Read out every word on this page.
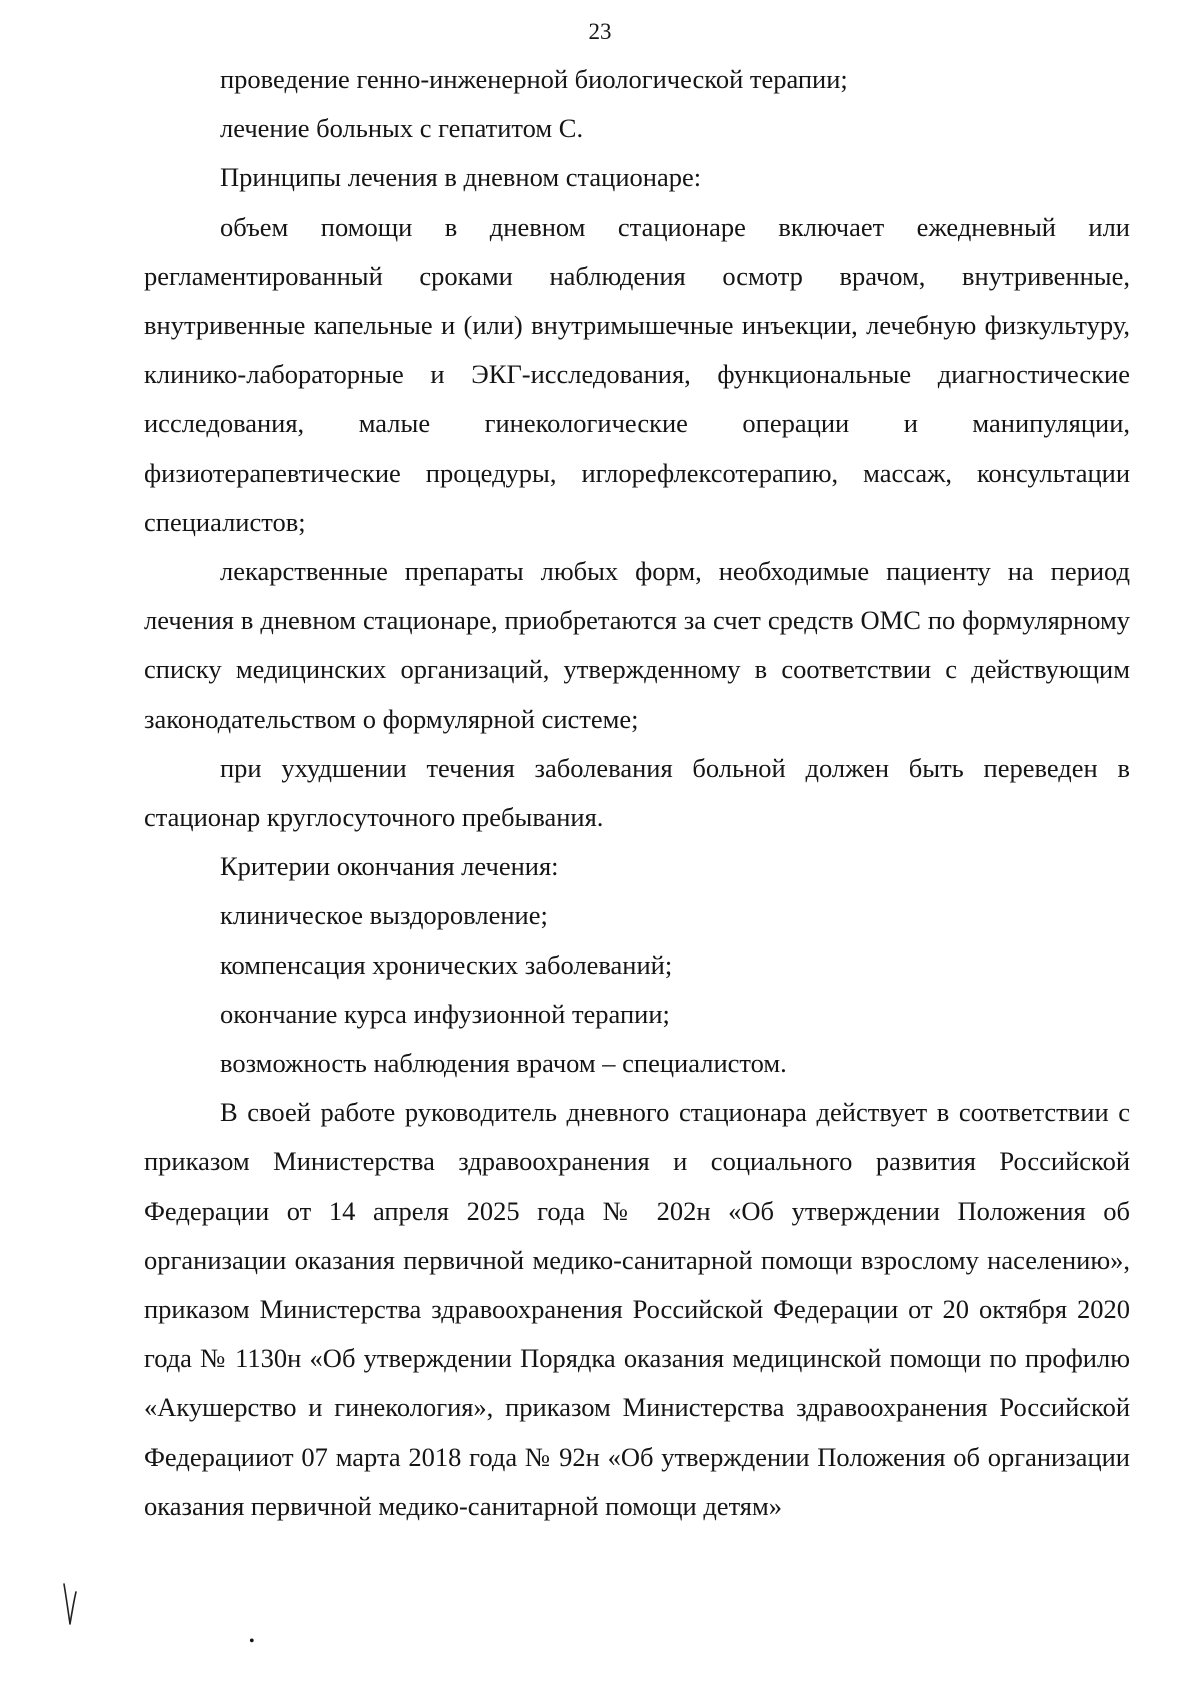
23

проведение генно-инженерной биологической терапии;

лечение больных с гепатитом С.

Принципы лечения в дневном стационаре:

объем помощи в дневном стационаре включает ежедневный или регламентированный сроками наблюдения осмотр врачом, внутривенные, внутривенные капельные и (или) внутримышечные инъекции, лечебную физкультуру, клинико-лабораторные и ЭКГ-исследования, функциональные диагностические исследования, малые гинекологические операции и манипуляции, физиотерапевтические процедуры, иглорефлексотерапию, массаж, консультации специалистов;

лекарственные препараты любых форм, необходимые пациенту на период лечения в дневном стационаре, приобретаются за счет средств ОМС по формулярному списку медицинских организаций, утвержденному в соответствии с действующим законодательством о формулярной системе;

при ухудшении течения заболевания больной должен быть переведен в стационар круглосуточного пребывания.

Критерии окончания лечения:

клиническое выздоровление;

компенсация хронических заболеваний;

окончание курса инфузионной терапии;

возможность наблюдения врачом – специалистом.

В своей работе руководитель дневного стационара действует в соответствии с приказом Министерства здравоохранения и социального развития Российской Федерации от 14 апреля 2025 года № 202н «Об утверждении Положения об организации оказания первичной медико-санитарной помощи взрослому населению», приказом Министерства здравоохранения Российской Федерации от 20 октября 2020 года № 1130н «Об утверждении Порядка оказания медицинской помощи по профилю «Акушерство и гинекология», приказом Министерства здравоохранения Российской Федерацииот 07 марта 2018 года № 92н «Об утверждении Положения об организации оказания первичной медико-санитарной помощи детям»

•
